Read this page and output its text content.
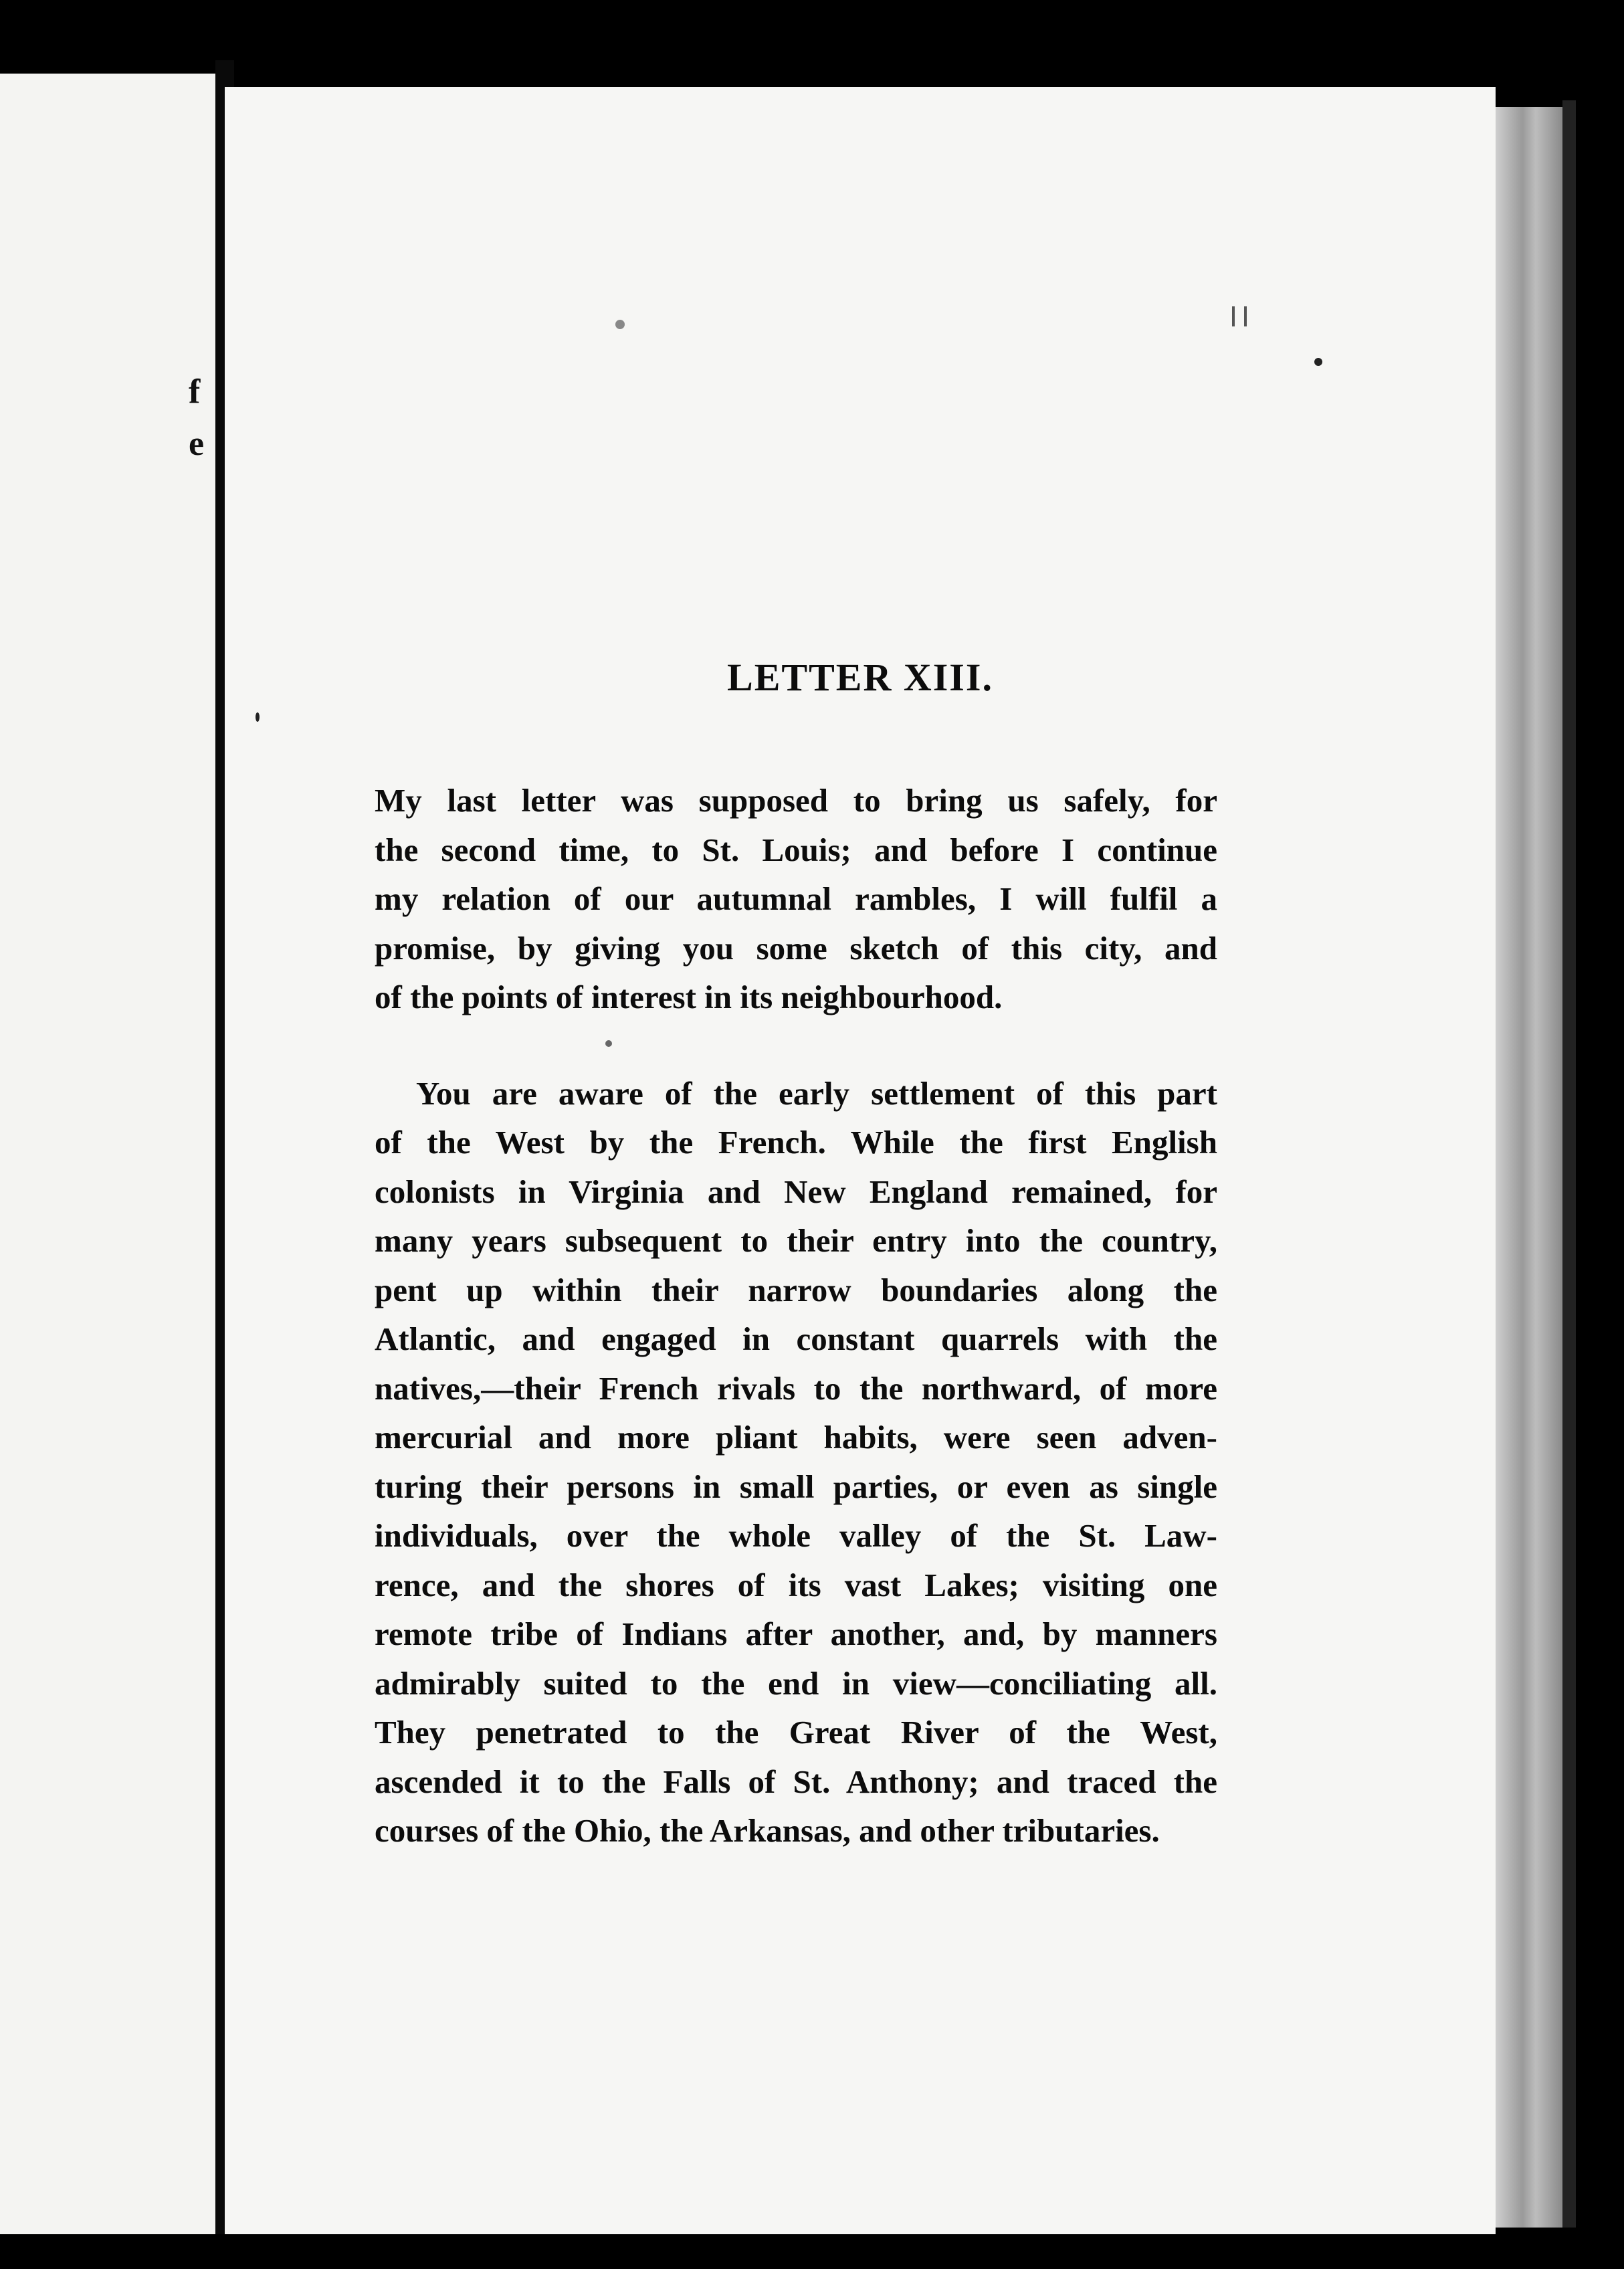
f
e
LETTER XIII.

My last letter was supposed to bring us safely, for
the second time, to St. Louis; and before I continue
my relation of our autumnal rambles, I will fulfil a
promise, by giving you some sketch of this city, and
of the points of interest in its neighbourhood.

You are aware of the early settlement of this part
of the West by the French. While the first English
colonists in Virginia and New England remained, for
many years subsequent to their entry into the country,
pent up within their narrow boundaries along the
Atlantic, and engaged in constant quarrels with the
natives,—their French rivals to the northward, of more
mercurial and more pliant habits, were seen adven-
turing their persons in small parties, or even as single
individuals, over the whole valley of the St. Law-
rence, and the shores of its vast Lakes; visiting one
remote tribe of Indians after another, and, by manners
admirably suited to the end in view—conciliating all.
They penetrated to the Great River of the West,
ascended it to the Falls of St. Anthony; and traced the
courses of the Ohio, the Arkansas, and other tributaries.
